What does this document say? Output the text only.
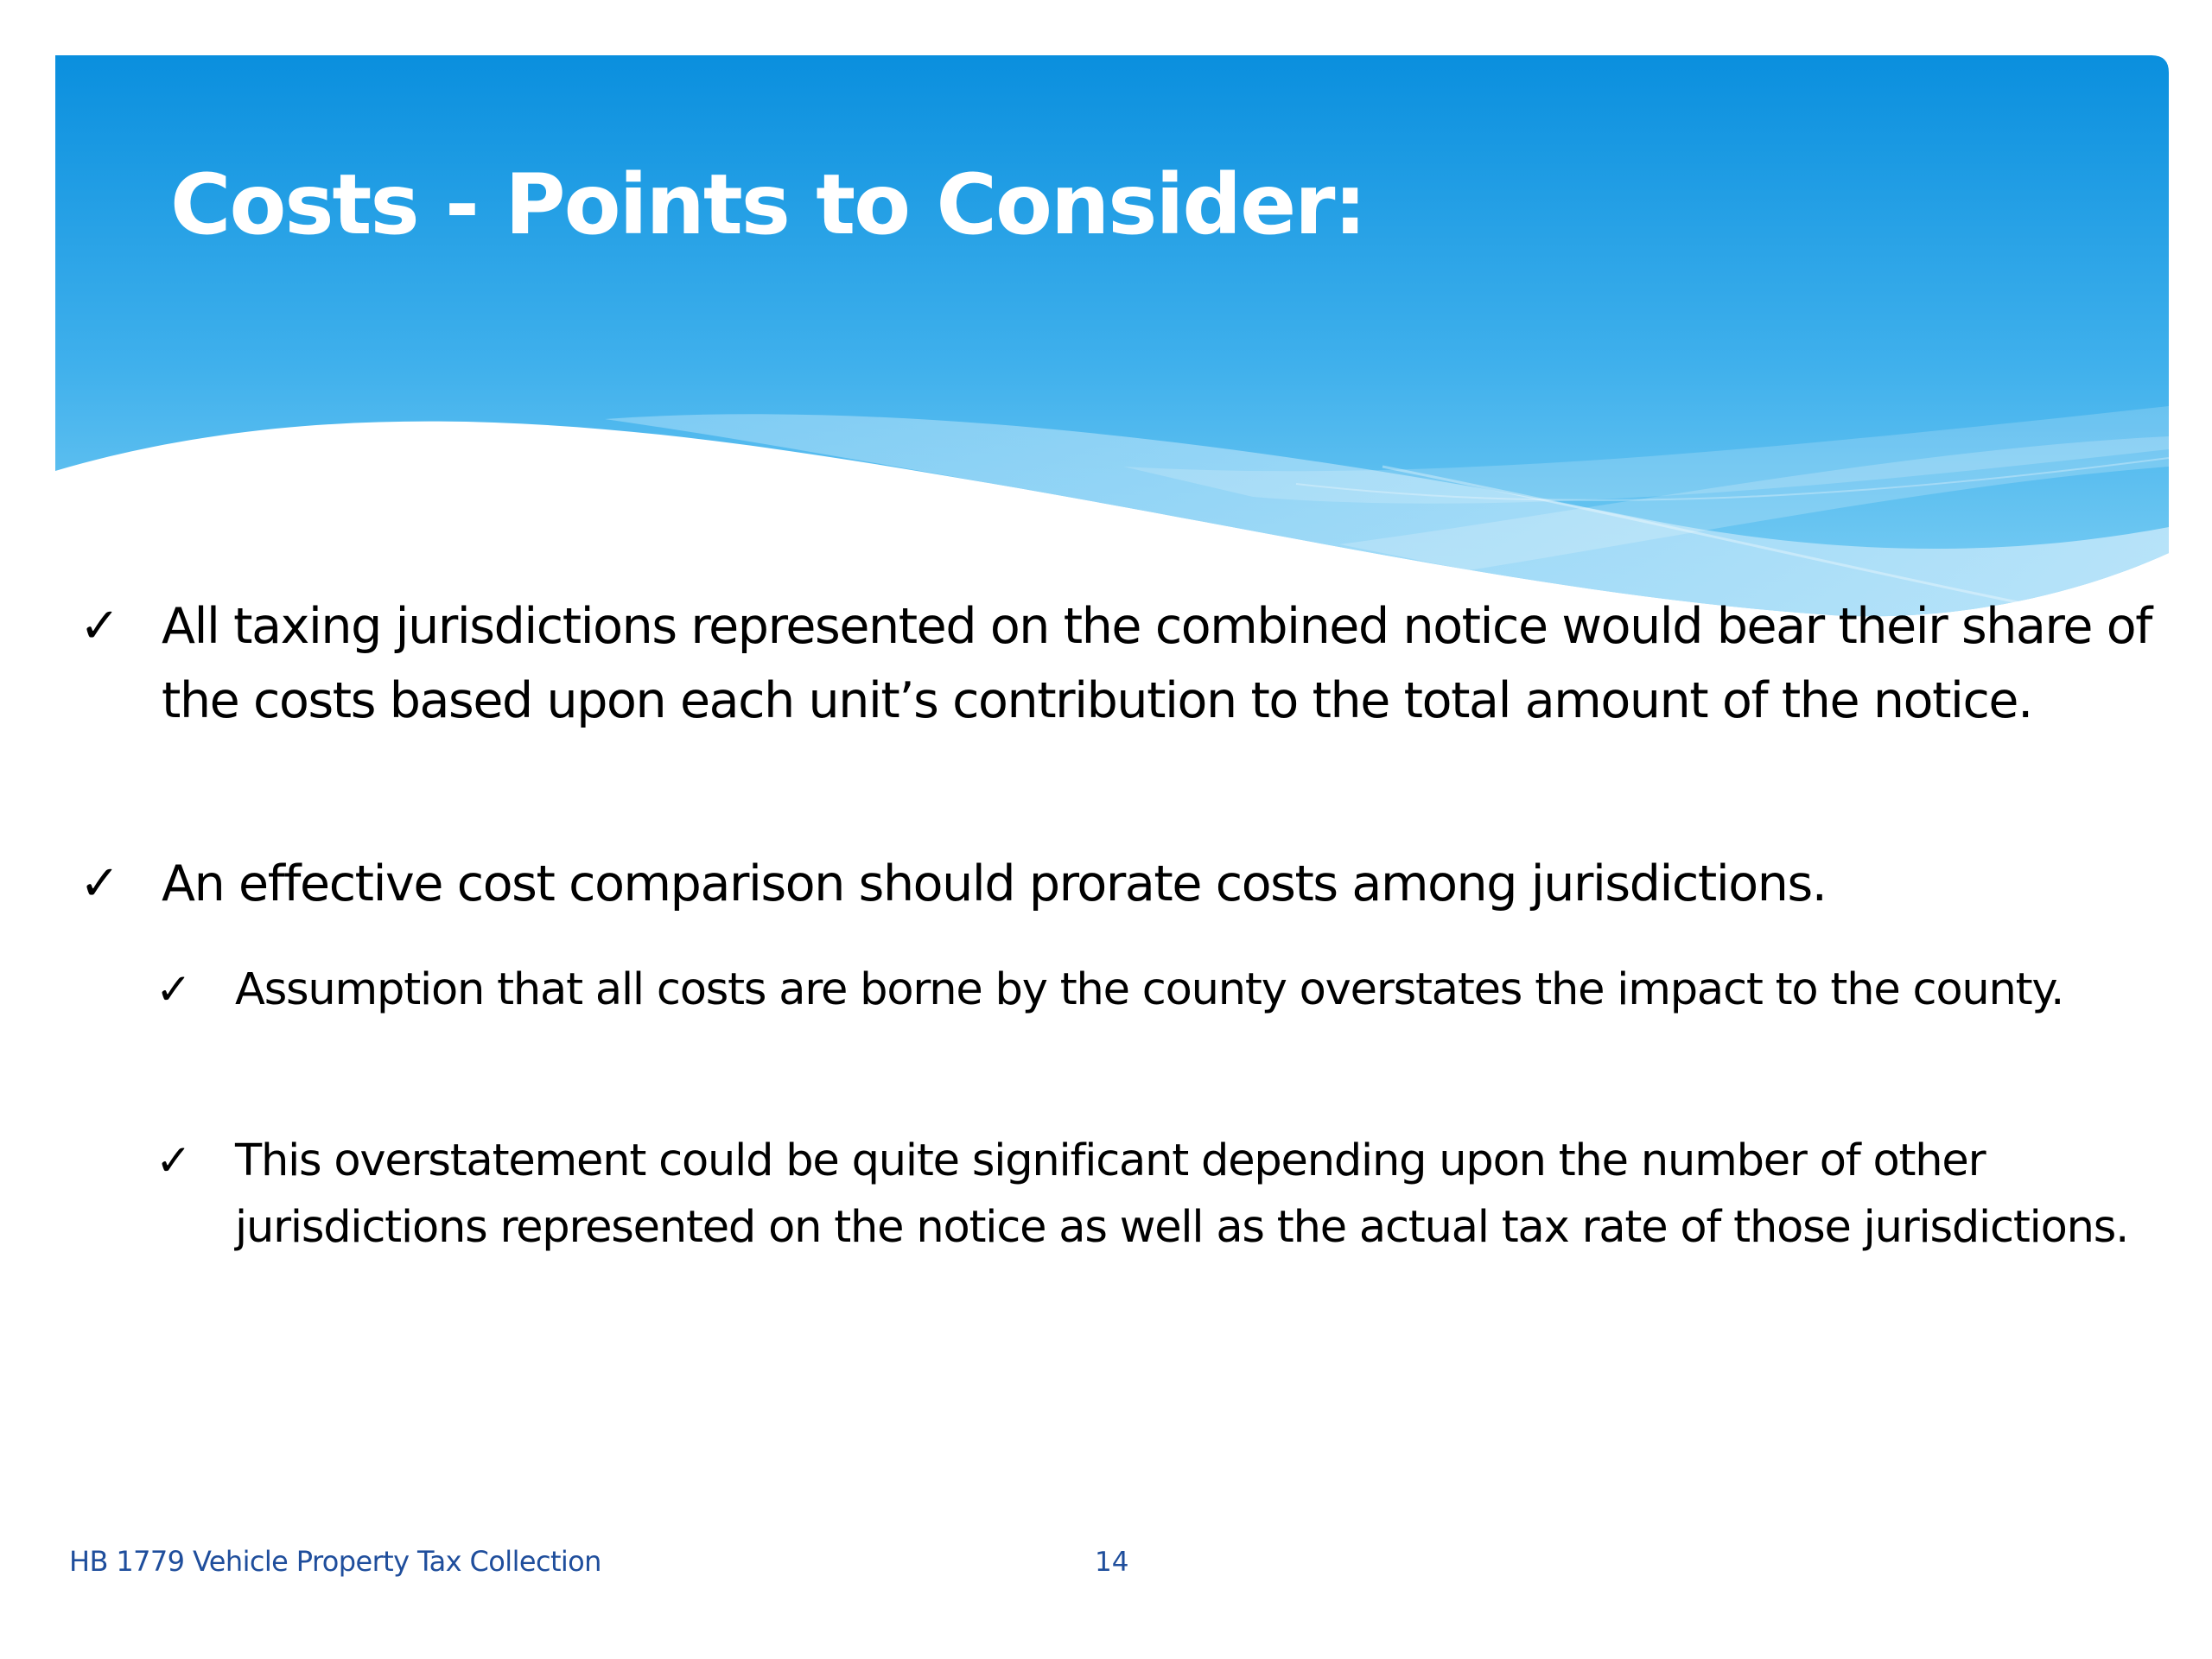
Costs - Points to Consider:
✓ All taxing jurisdictions represented on the combined notice would bear their share of the costs based upon each unit’s contribution to the total amount of the notice.
✓ An effective cost comparison should prorate costs among jurisdictions.
✓ Assumption that all costs are borne by the county overstates the impact to the county.
✓ This overstatement could be quite significant depending upon the number of other jurisdictions represented on the notice as well as the actual tax rate of those jurisdictions.
HB 1779 Vehicle Property Tax Collection	14
